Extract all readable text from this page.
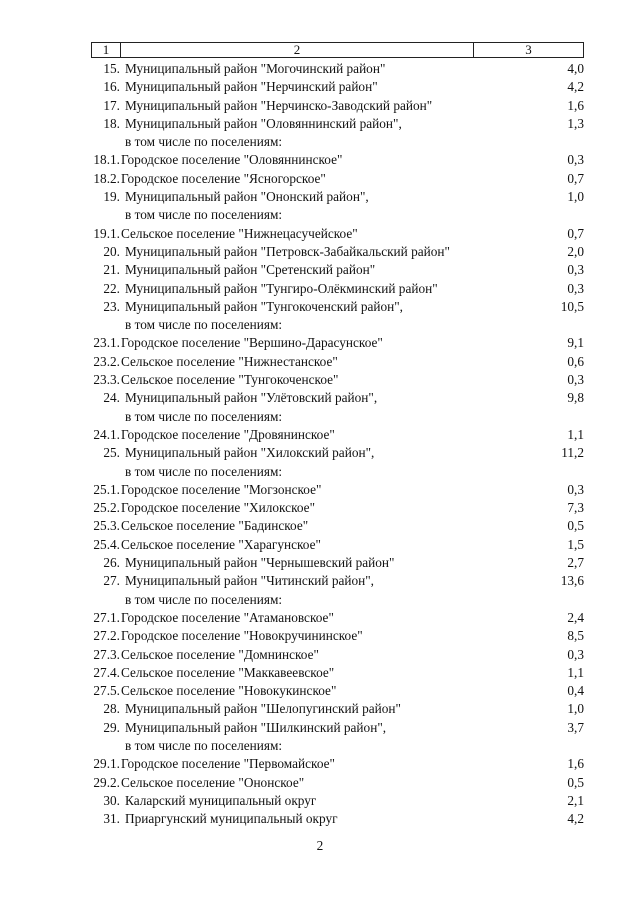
1	2	3
15. Муниципальный район "Могочинский район"	4,0
16. Муниципальный район "Нерчинский район"	4,2
17. Муниципальный район "Нерчинско-Заводский район"	1,6
18. Муниципальный район "Оловяннинский район",	1,3
в том числе по поселениям:
18.1. Городское поселение "Оловяннинское"	0,3
18.2. Городское поселение "Ясногорское"	0,7
19. Муниципальный район "Ононский район",	1,0
в том числе по поселениям:
19.1. Сельское поселение "Нижнецасучейское"	0,7
20. Муниципальный район "Петровск-Забайкальский район"	2,0
21. Муниципальный район "Сретенский район"	0,3
22. Муниципальный район "Тунгиро-Олёкминский район"	0,3
23. Муниципальный район "Тунгокоченский район",	10,5
в том числе по поселениям:
23.1. Городское поселение "Вершино-Дарасунское"	9,1
23.2. Сельское поселение "Нижнестанское"	0,6
23.3. Сельское поселение "Тунгокоченское"	0,3
24. Муниципальный район "Улётовский район",	9,8
в том числе по поселениям:
24.1. Городское поселение "Дровянинское"	1,1
25. Муниципальный район "Хилокский район",	11,2
в том числе по поселениям:
25.1. Городское поселение "Могзонское"	0,3
25.2. Городское поселение "Хилокское"	7,3
25.3. Сельское поселение "Бадинское"	0,5
25.4. Сельское поселение "Харагунское"	1,5
26. Муниципальный район "Чернышевский район"	2,7
27. Муниципальный район "Читинский район",	13,6
в том числе по поселениям:
27.1. Городское поселение "Атамановское"	2,4
27.2. Городское поселение "Новокручининское"	8,5
27.3. Сельское поселение "Домнинское"	0,3
27.4. Сельское поселение "Маккавеевское"	1,1
27.5. Сельское поселение "Новокукинское"	0,4
28. Муниципальный район "Шелопугинский район"	1,0
29. Муниципальный район "Шилкинский район",	3,7
в том числе по поселениям:
29.1. Городское поселение "Первомайское"	1,6
29.2. Сельское поселение "Ононское"	0,5
30. Каларский муниципальный округ	2,1
31. Приаргунский муниципальный округ	4,2
2
